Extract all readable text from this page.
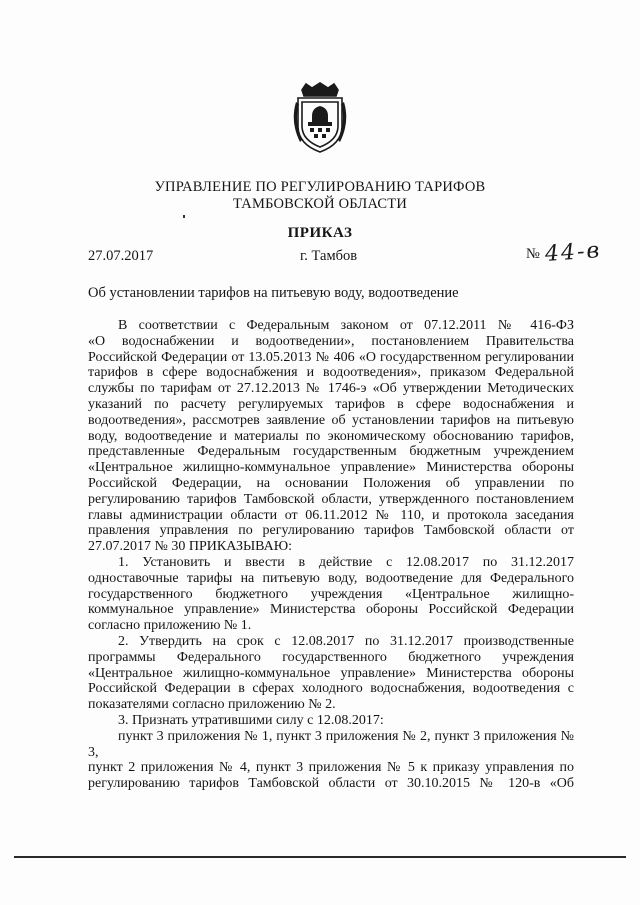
УПРАВЛЕНИЕ ПО РЕГУЛИРОВАНИЮ ТАРИФОВ
ТАМБОВСКОЙ ОБЛАСТИ
ПРИКАЗ
27.07.2017	г. Тамбов	№ 44-в
Об установлении тарифов на питьевую воду, водоотведение

В соответствии с Федеральным законом от 07.12.2011 № 416-ФЗ

«О водоснабжении и водоотведении», постановлением Правительства

Российской Федерации от 13.05.2013 № 406 «О государственном регулировании

тарифов в сфере водоснабжения и водоотведения», приказом Федеральной

службы по тарифам от 27.12.2013 № 1746-э «Об утверждении Методических

указаний по расчету регулируемых тарифов в сфере водоснабжения и

водоотведения», рассмотрев заявление об установлении тарифов на питьевую

воду, водоотведение и материалы по экономическому обоснованию тарифов,

представленные Федеральным государственным бюджетным учреждением

«Центральное жилищно-коммунальное управление» Министерства обороны

Российской Федерации, на основании Положения об управлении по

регулированию тарифов Тамбовской области, утвержденного постановлением

главы администрации области от 06.11.2012 № 110, и протокола заседания

правления управления по регулированию тарифов Тамбовской области от

27.07.2017 № 30 ПРИКАЗЫВАЮ:

1. Установить и ввести в действие с 12.08.2017 по 31.12.2017

одноставочные тарифы на питьевую воду, водоотведение для Федерального

государственного бюджетного учреждения «Центральное жилищно-

коммунальное управление» Министерства обороны Российской Федерации

согласно приложению № 1.

2. Утвердить на срок с 12.08.2017 по 31.12.2017 производственные

программы Федерального государственного бюджетного учреждения

«Центральное жилищно-коммунальное управление» Министерства обороны

Российской Федерации в сферах холодного водоснабжения, водоотведения с

показателями согласно приложению № 2.

3. Признать утратившими силу с 12.08.2017:

пункт 3 приложения № 1, пункт 3 приложения № 2, пункт 3 приложения № 3,

пункт 2 приложения № 4, пункт 3 приложения № 5 к приказу управления по

регулированию тарифов Тамбовской области от 30.10.2015 № 120-в «Об
